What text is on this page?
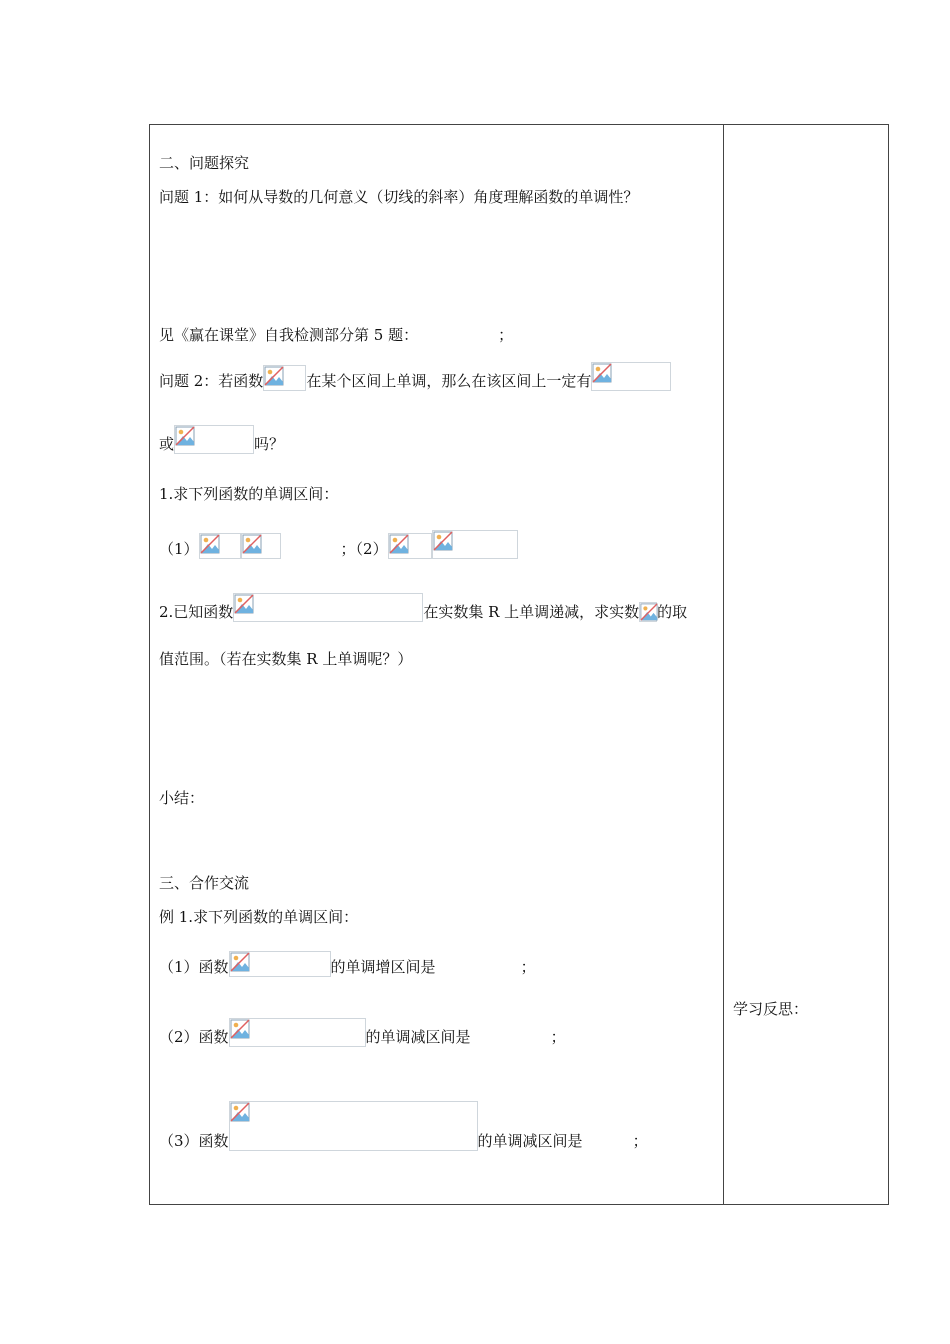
二、问题探究
问题 1：如何从导数的几何意义（切线的斜率）角度理解函数的单调性？
见《赢在课堂》自我检测部分第 5 题：	；
问题 2：若函数	在某个区间上单调，那么在该区间上一定有
或	吗？
1.求下列函数的单调区间：
（1）	；（2）
2.已知函数	在实数集 R 上单调递减，求实数 的取
值范围。（若在实数集 R 上单调呢？）
小结：
三、合作交流
例 1.求下列函数的单调区间：
（1）函数	的单调增区间是	；
（2）函数	的单调减区间是	；
（3）函数	的单调减区间是	；
学习反思：
